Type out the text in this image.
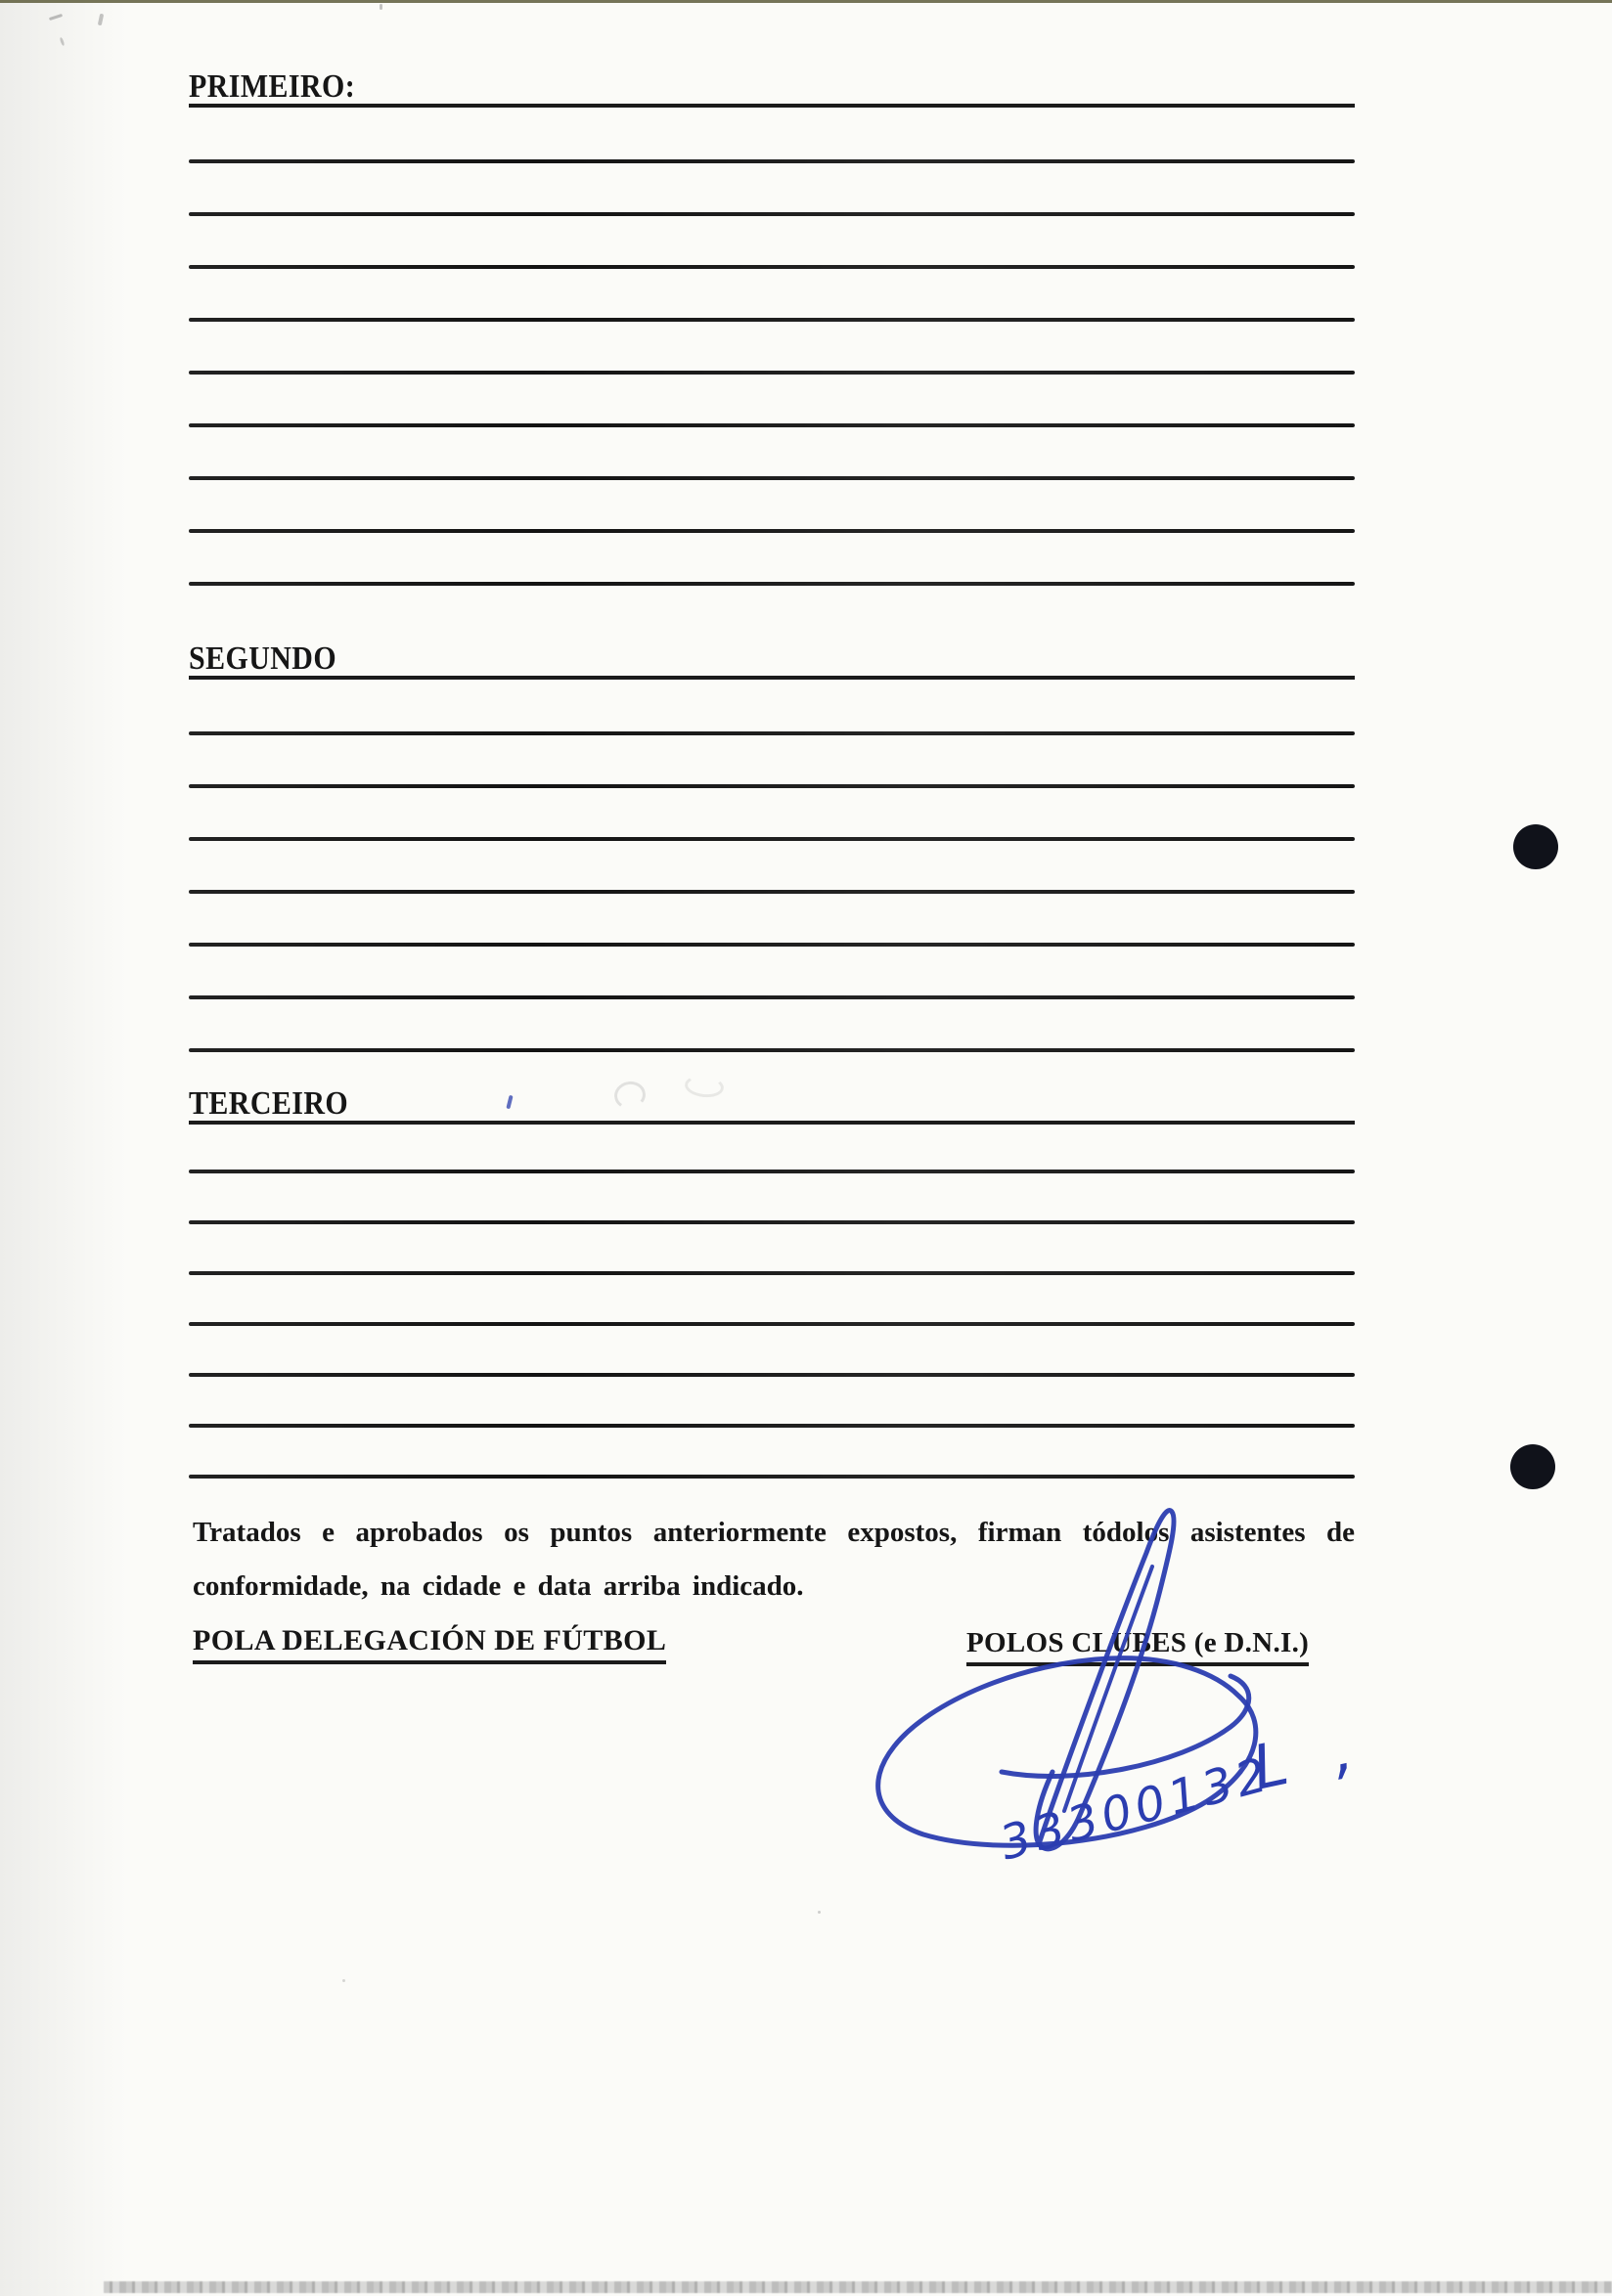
PRIMEIRO:
SEGUNDO
TERCEIRO
Tratados e aprobados os puntos anteriormente expostos, firman tódolos asistentes de
conformidade, na cidade e data arriba indicado.
POLA DELEGACIÓN DE FÚTBOL	POLOS CLUBES (e D.N.I.)
33300132
L ,
